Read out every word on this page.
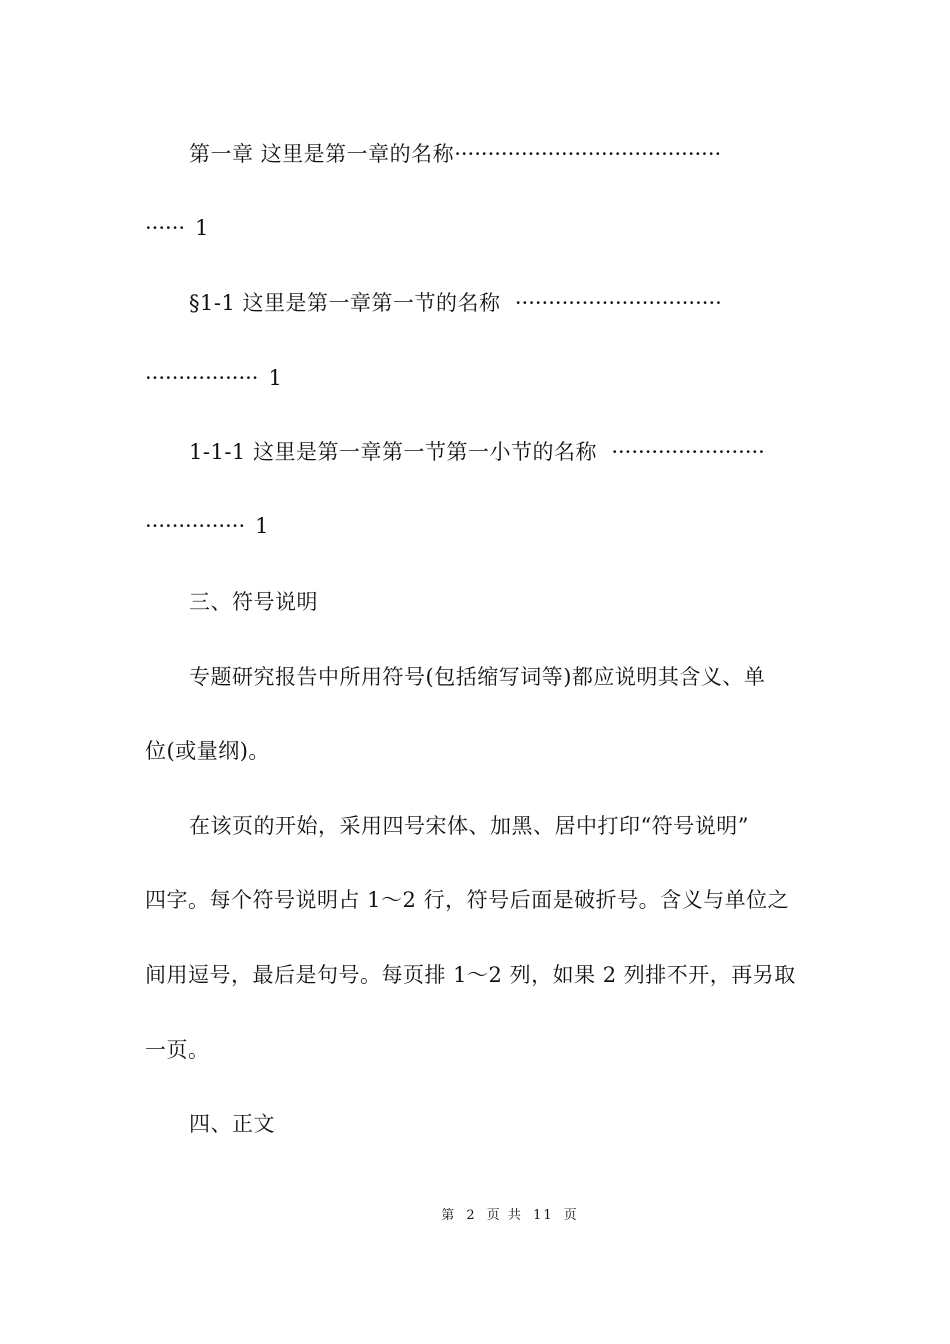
第一章 这里是第一章的名称········································
······ 1
§1-1 这里是第一章第一节的名称 ·······························
················· 1
1-1-1 这里是第一章第一节第一小节的名称 ·······················
··············· 1
三、符号说明
专题研究报告中所用符号(包括缩写词等)都应说明其含义、单
位(或量纲)。
在该页的开始，采用四号宋体、加黑、居中打印“符号说明”
四字。每个符号说明占 1～2 行，符号后面是破折号。含义与单位之
间用逗号，最后是句号。每页排 1～2 列，如果 2 列排不开，再另取
一页。
四、正文
第 2 页 共 11 页
